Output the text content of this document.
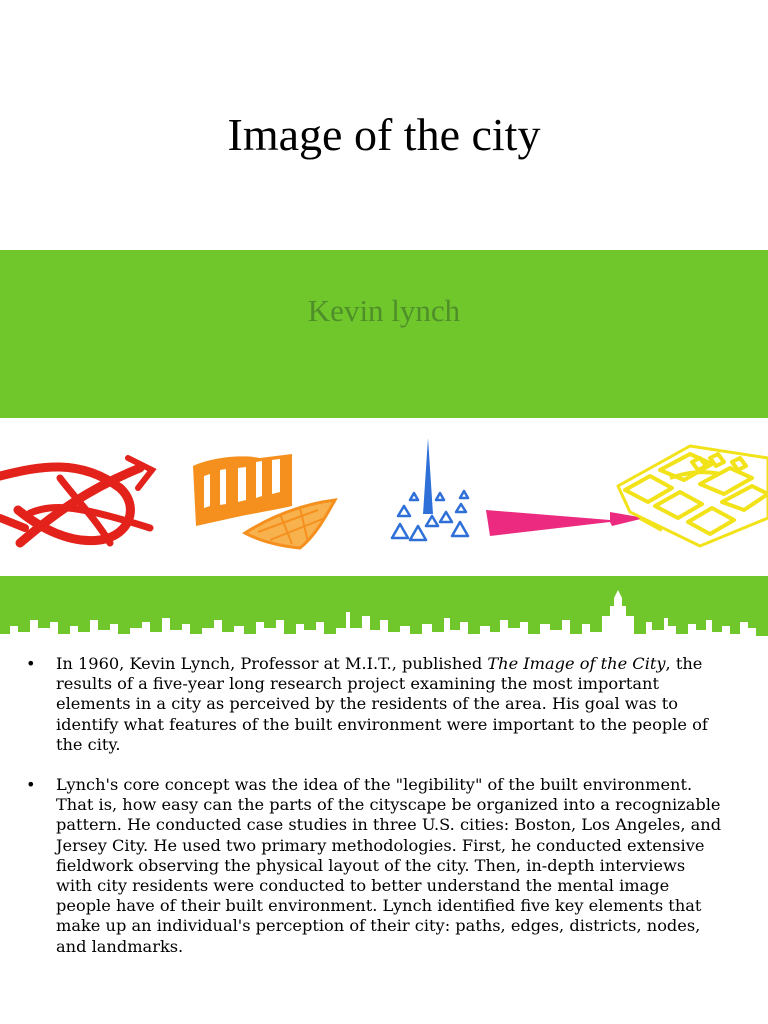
Image of the city
Kevin lynch
• In 1960, Kevin Lynch, Professor at M.I.T., published The Image of the City, the results of a five-year long research project examining the most important elements in a city as perceived by the residents of the area. His goal was to identify what features of the built environment were important to the people of the city.
• Lynch's core concept was the idea of the "legibility" of the built environment. That is, how easy can the parts of the cityscape be organized into a recognizable pattern. He conducted case studies in three U.S. cities: Boston, Los Angeles, and Jersey City. He used two primary methodologies. First, he conducted extensive fieldwork observing the physical layout of the city. Then, in-depth interviews with city residents were conducted to better understand the mental image people have of their built environment. Lynch identified five key elements that make up an individual's perception of their city: paths, edges, districts, nodes, and landmarks.
